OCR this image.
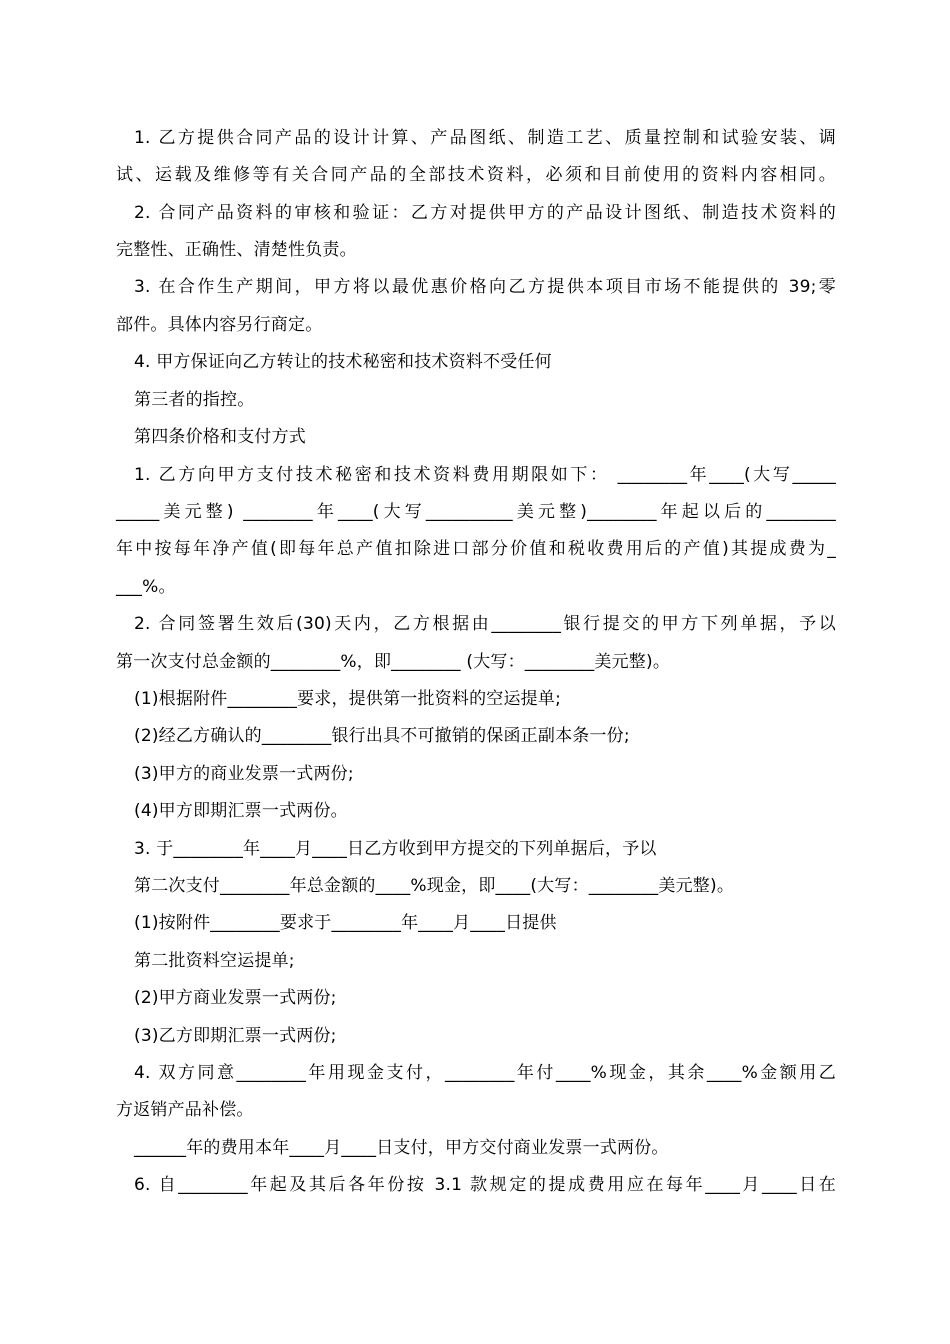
1. 乙方提供合同产品的设计计算、产品图纸、制造工艺、质量控制和试验安装、调
试、运载及维修等有关合同产品的全部技术资料，必须和目前使用的资料内容相同。
2. 合同产品资料的审核和验证：乙方对提供甲方的产品设计图纸、制造技术资料的
完整性、正确性、清楚性负责。
3. 在合作生产期间，甲方将以最优惠价格向乙方提供本项目市场不能提供的 39;零
部件。具体内容另行商定。
4. 甲方保证向乙方转让的技术秘密和技术资料不受任何
第三者的指控。
第四条价格和支付方式
1. 乙方向甲方支付技术秘密和技术资料费用期限如下： ________年____(大写_____
_____美元整) ________年____(大写__________美元整)________年起以后的________
年中按每年净产值(即每年总产值扣除进口部分价值和税收费用后的产值)其提成费为_
___%。
2. 合同签署生效后(30)天内，乙方根据由________银行提交的甲方下列单据，予以
第一次支付总金额的________%，即________ (大写：________美元整)。
(1)根据附件________要求，提供第一批资料的空运提单;
(2)经乙方确认的________银行出具不可撤销的保函正副本条一份;
(3)甲方的商业发票一式两份;
(4)甲方即期汇票一式两份。
3. 于________年____月____日乙方收到甲方提交的下列单据后，予以
第二次支付________年总金额的____%现金，即____(大写：________美元整)。
(1)按附件________要求于________年____月____日提供
第二批资料空运提单;
(2)甲方商业发票一式两份;
(3)乙方即期汇票一式两份;
4. 双方同意________年用现金支付，________年付____%现金，其余____%金额用乙
方返销产品补偿。
______年的费用本年____月____日支付，甲方交付商业发票一式两份。
6. 自________年起及其后各年份按 3.1 款规定的提成费用应在每年____月____日在
